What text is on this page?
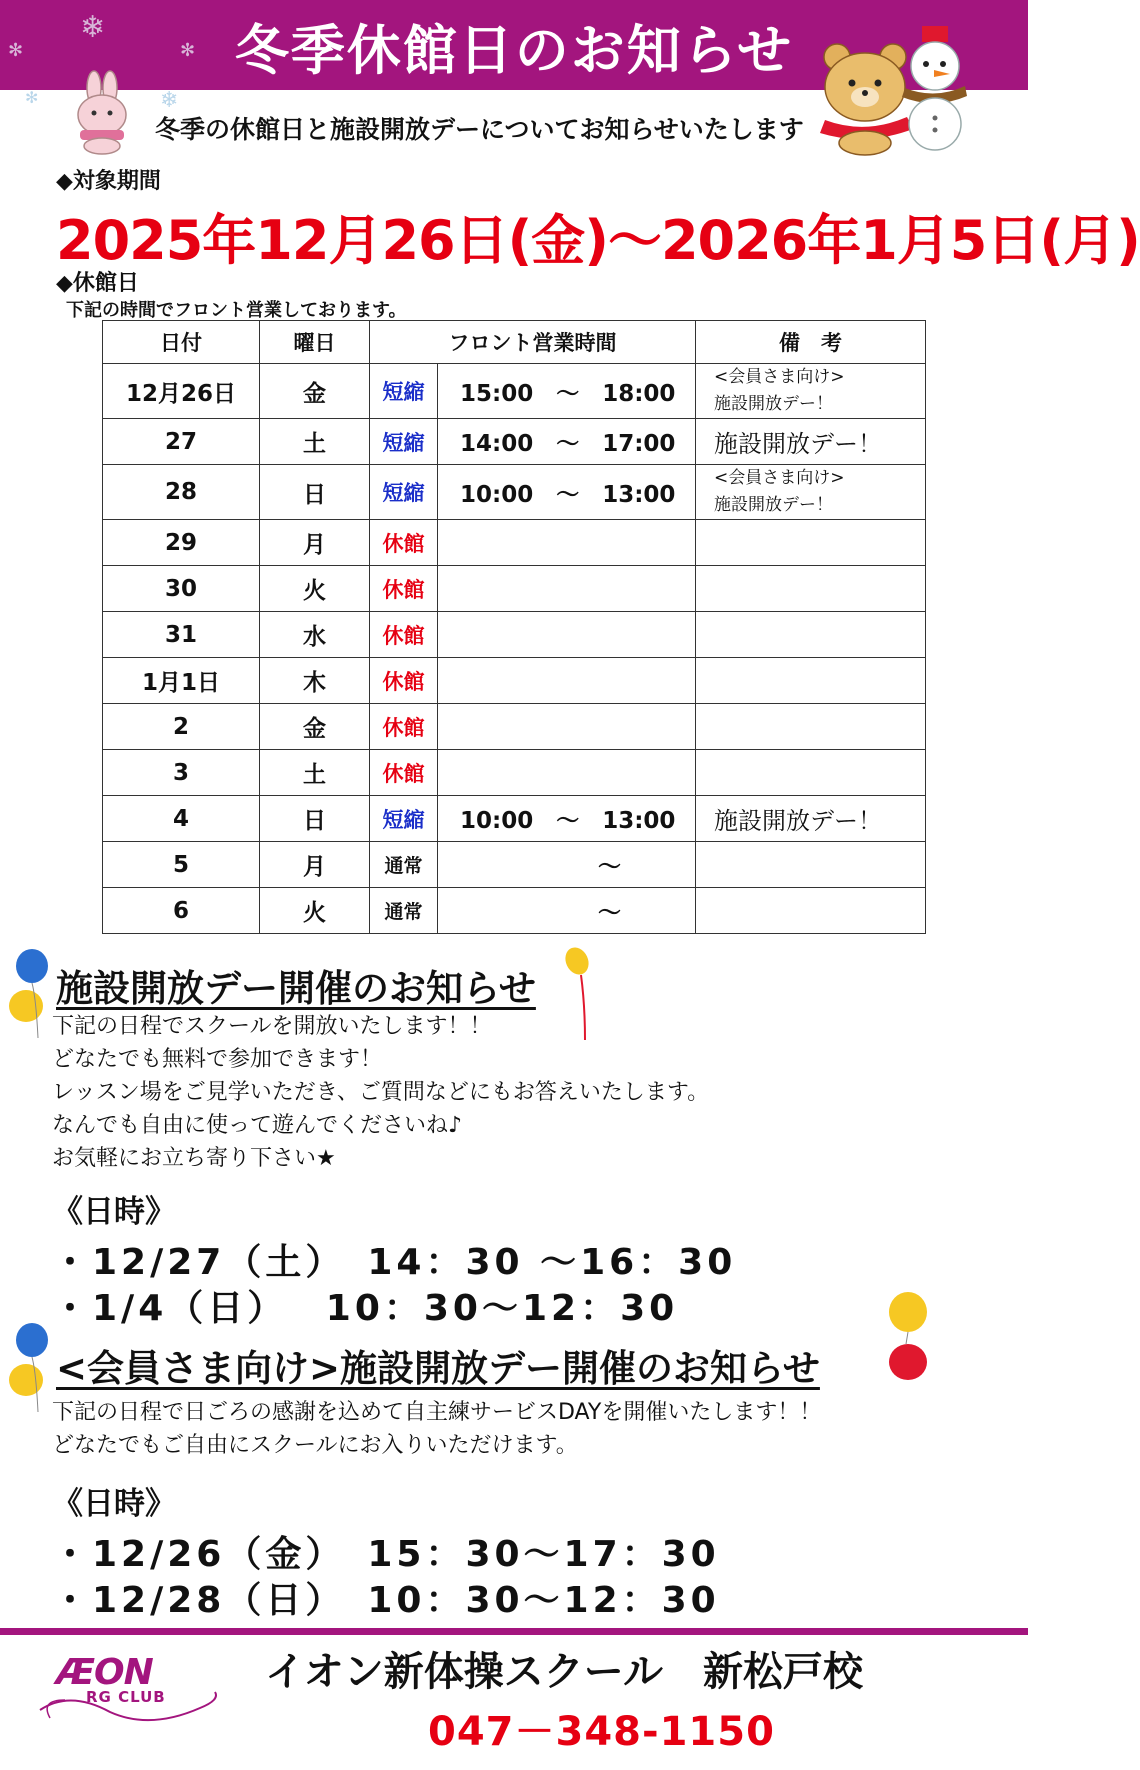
冬季休館日のお知らせ
❄
✻	✻
❄
✻
冬季の休館日と施設開放デーについてお知らせいたします
◆対象期間
2025年12月26日(金)～2026年1月5日(月)
◆休館日
下記の時間でフロント営業しております。
日付	曜日	フロント営業時間		備　考
12月26日	金	短縮	15:00　～　18:00	<会員さま向け>
施設開放デー！
27	土	短縮	14:00　～　17:00	施設開放デー！
28	日	短縮	10:00　～　13:00	<会員さま向け>
施設開放デー！
29	月	休館		
30	火	休館		
31	水	休館		
1月1日	木	休館		
2	金	休館		
3	土	休館		
4	日	短縮	10:00　～　13:00	施設開放デー！
5	月	通常	　　　　　　～	
6	火	通常	　　　　　　～	
施設開放デー開催のお知らせ
下記の日程でスクールを開放いたします！！
どなたでも無料で参加できます！
レッスン場をご見学いただき、ご質問などにもお答えいたします。
なんでも自由に使って遊んでくださいね♪
お気軽にお立ち寄り下さい★
《日時》
・12/27（土）　14：30 ～16：30
・1/4（日）　 10：30～12：30
<会員さま向け>施設開放デー開催のお知らせ
下記の日程で日ごろの感謝を込めて自主練サービスDAYを開催いたします！！
どなたでもご自由にスクールにお入りいただけます。
《日時》
・12/26（金）　15：30～17：30
・12/28（日）　10：30～12：30
ÆON
RG CLUB
イオン新体操スクール　新松戸校
047－348-1150
